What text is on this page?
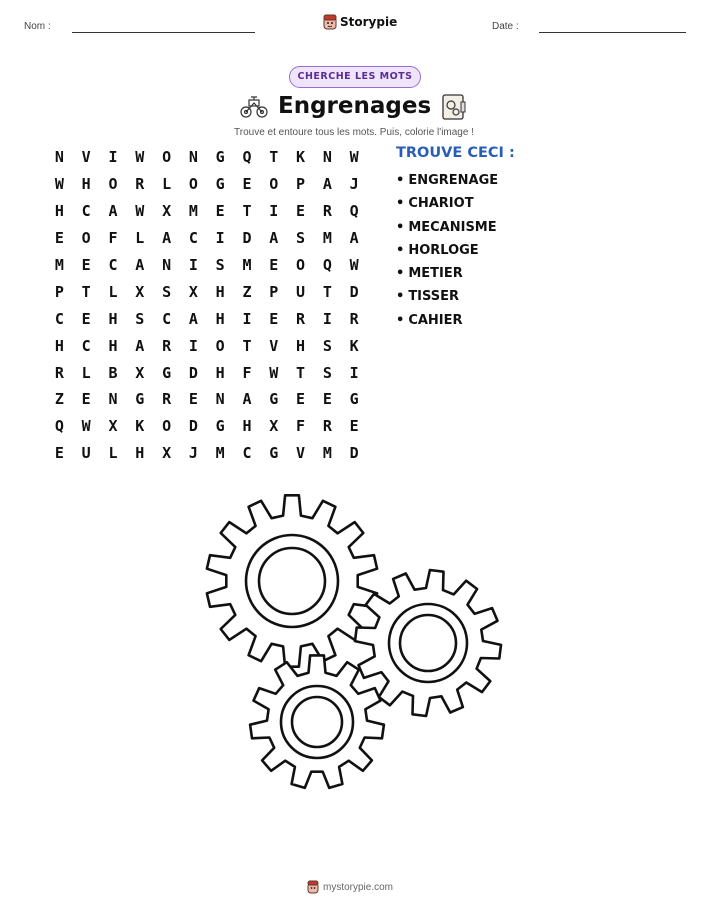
Nom :	Storypie	Date :
CHERCHE LES MOTS
Engrenages
Trouve et entoure tous les mots. Puis, colorie l'image !
N	V	I	W	O	N	G	Q	T	K	N	W
W	H	O	R	L	O	G	E	O	P	A	J
H	C	A	W	X	M	E	T	I	E	R	Q
E	O	F	L	A	C	I	D	A	S	M	A
M	E	C	A	N	I	S	M	E	O	Q	W
P	T	L	X	S	X	H	Z	P	U	T	D
C	E	H	S	C	A	H	I	E	R	I	R
H	C	H	A	R	I	O	T	V	H	S	K
R	L	B	X	G	D	H	F	W	T	S	I
Z	E	N	G	R	E	N	A	G	E	E	G
Q	W	X	K	O	D	G	H	X	F	R	E
E	U	L	H	X	J	M	C	G	V	M	D
TROUVE CECI :
• ENGRENAGE
• CHARIOT
• MECANISME
• HORLOGE
• METIER
• TISSER
• CAHIER
mystorypie.com
